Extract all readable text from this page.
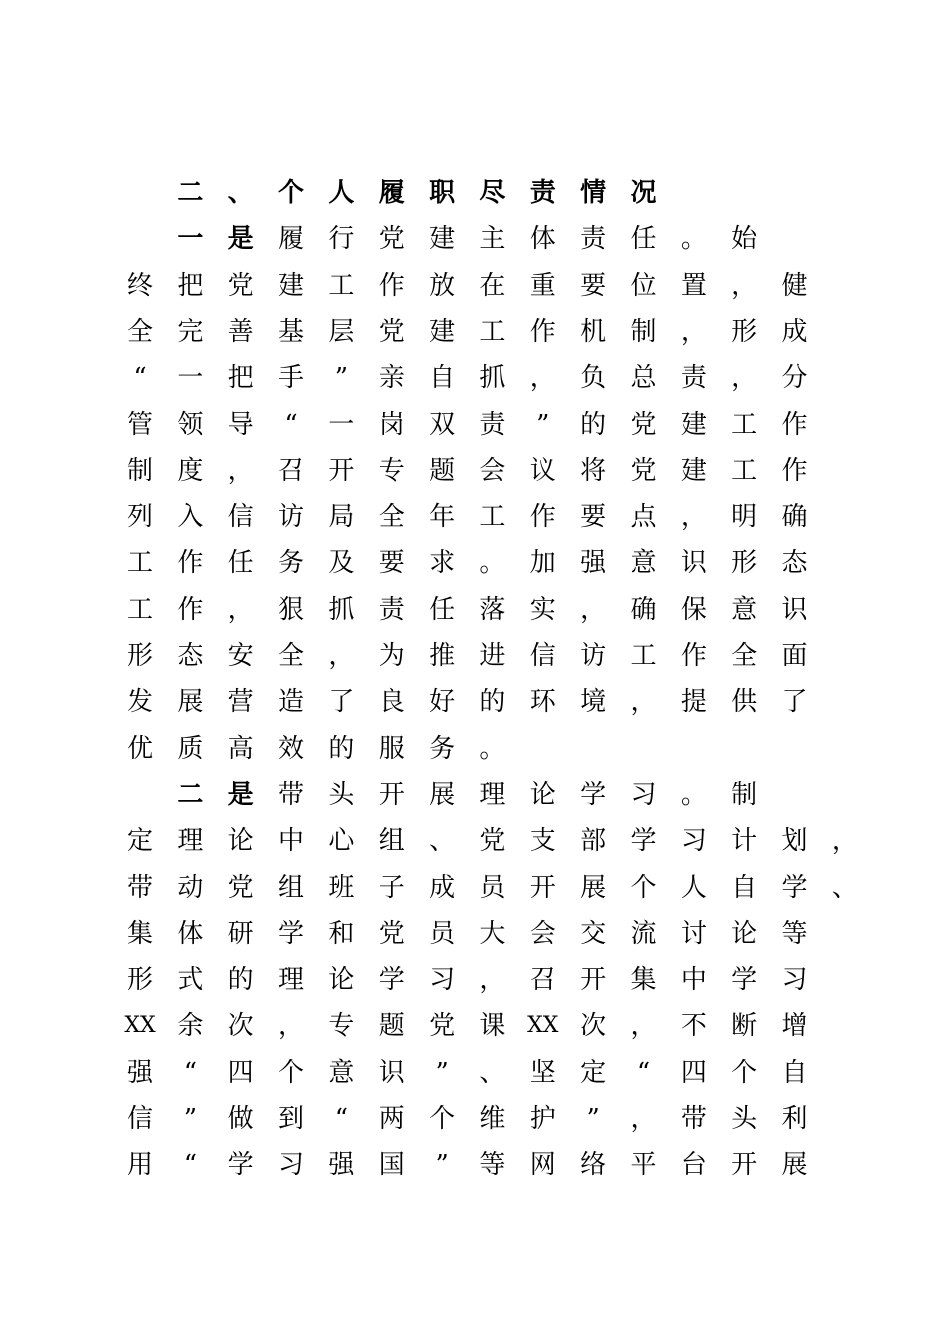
二 、 个 人 履 职 尽 责 情 况
一 是 履 行 党 建 主 体 责 任 。 始
终 把 党 建 工 作 放 在 重 要 位 置 ， 健
全 完 善 基 层 党 建 工 作 机 制 ， 形 成
“	一 把 手	”	亲 自 抓 ， 负 总 责 ， 分
管 领 导	“	一 岗 双 责	”	的 党 建 工 作
制 度 ， 召 开 专 题 会 议 将 党 建 工 作
列 入 信 访 局 全 年 工 作 要 点 ， 明 确
工 作 任 务 及 要 求 。 加 强 意 识 形 态
工 作 ， 狠 抓 责 任 落 实 ， 确 保 意 识
形 态 安 全 ， 为 推 进 信 访 工 作 全 面
发 展 营 造 了 良 好 的 环 境 ， 提 供 了
优 质 高 效 的 服 务 。
二 是 带 头 开 展 理 论 学 习 。 制
定 理 论 中 心 组 、 党 支 部 学 习 计 划 ，
带 动 党 组 班 子 成 员 开 展 个 人 自 学 、
集 体 研 学 和 党 员 大 会 交 流 讨 论 等
形 式 的 理 论 学 习 ， 召 开 集 中 学 习
XX 余 次 ， 专 题 党 课 XX 次 ， 不 断 增
强	“	四 个 意 识	”	、 坚 定	“	四 个 自
信	”	做 到	“	两 个 维 护	”	， 带 头 利
用	“	学 习 强 国	”	等 网 络 平 台 开 展
